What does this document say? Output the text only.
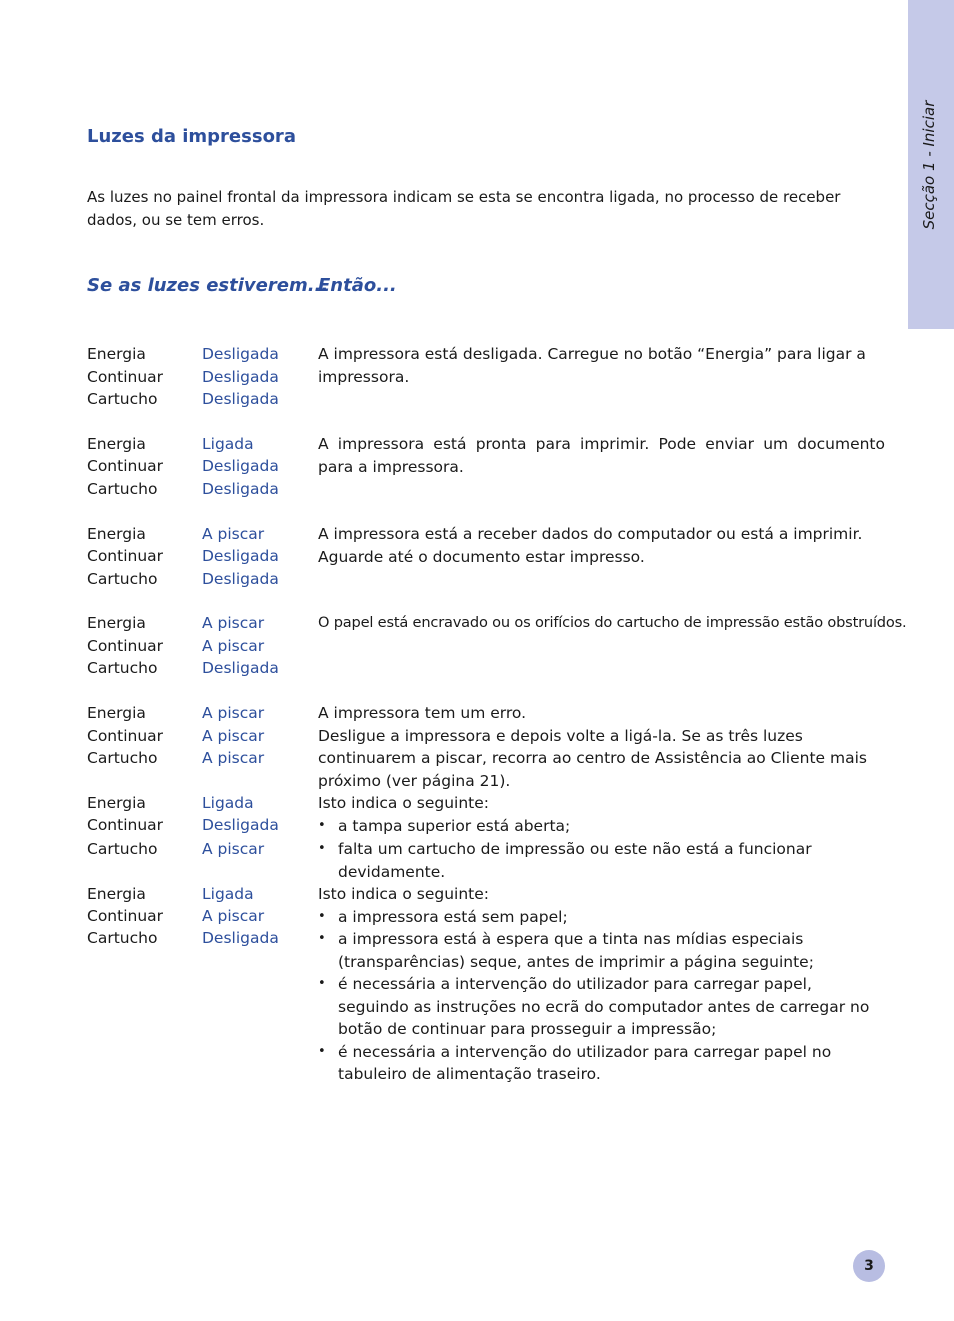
Secção 1 - Iniciar
Luzes da impressora

As luzes no painel frontal da impressora indicam se esta se encontra ligada, no processo de receber dados, ou se tem erros.

Se as luzes estiverem...
Então...
Energia
Continuar
Cartucho
Desligada
Desligada
Desligada

A impressora está desligada. Carregue no botão “Energia” para ligar a impressora.

Energia
Continuar
Cartucho
Ligada
Desligada
Desligada

A impressora está pronta para imprimir. Pode enviar um documento para a impressora.

Energia
Continuar
Cartucho
A piscar
Desligada
Desligada

A impressora está a receber dados do computador ou está a imprimir.

Aguarde até o documento estar impresso.

Energia
Continuar
Cartucho
A piscar
A piscar
Desligada

O papel está encravado ou os orifícios do cartucho de impressão estão obstruídos.

Energia
Continuar
Cartucho
A piscar
A piscar
A piscar

A impressora tem um erro.

Desligue a impressora e depois volte a ligá-la. Se as três luzes continuarem a piscar, recorra ao centro de Assistência ao Cliente mais próximo (ver página 21).

Energia
Continuar
Cartucho
Ligada
Desligada
A piscar

Isto indica o seguinte:

• a tampa superior está aberta;
• falta um cartucho de impressão ou este não está a funcionar devidamente.
Energia
Continuar
Cartucho
Ligada
A piscar
Desligada

Isto indica o seguinte:

• a impressora está sem papel;
• a impressora está à espera que a tinta nas mídias especiais (transparências) seque, antes de imprimir a página seguinte;
• é necessária a intervenção do utilizador para carregar papel, seguindo as instruções no ecrã do computador antes de carregar no botão de continuar para prosseguir a impressão;
• é necessária a intervenção do utilizador para carregar papel no tabuleiro de alimentação traseiro.
3
